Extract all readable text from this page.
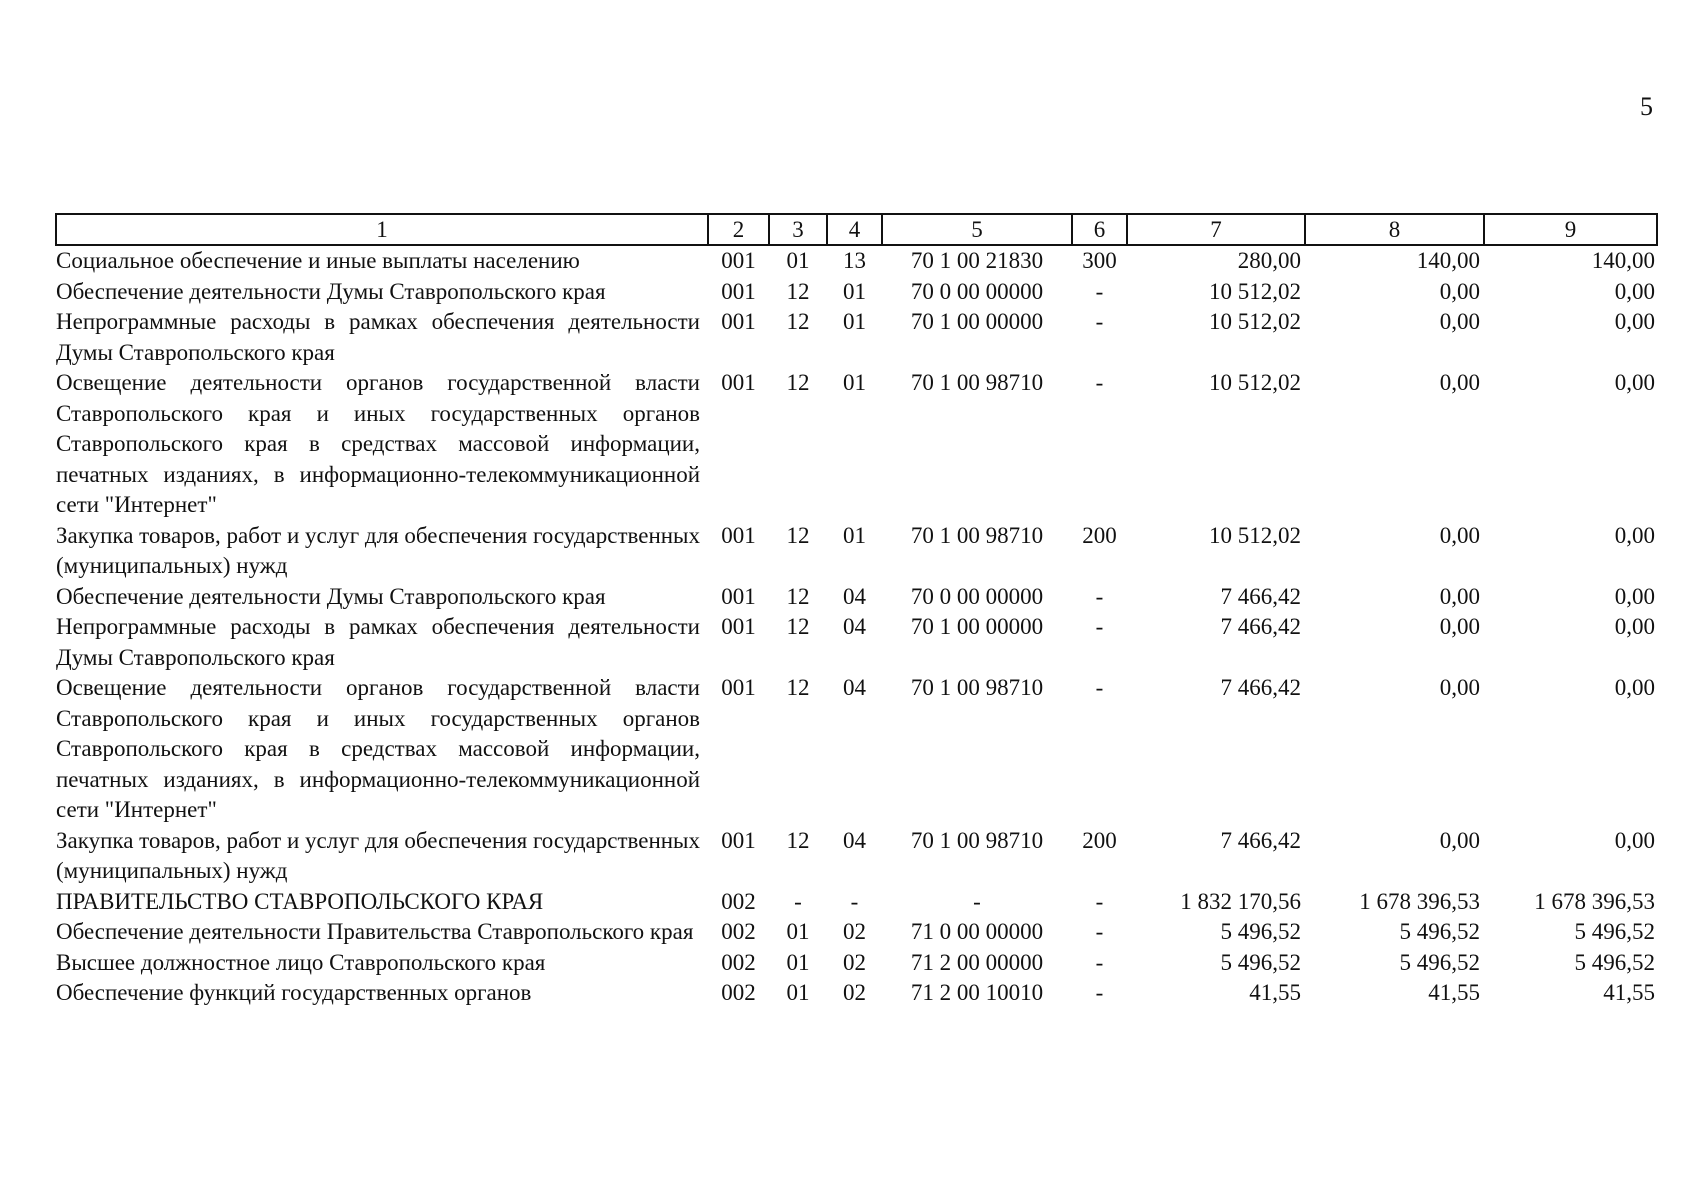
5
1	2	3	4	5	6	7	8	9
Социальное обеспечение и иные выплаты населению	001	01	13	70 1 00 21830	300	280,00	140,00	140,00
Обеспечение деятельности Думы Ставропольского края	001	12	01	70 0 00 00000	-	10 512,02	0,00	0,00
Непрограммные расходы в рамках обеспечения деятельности Думы Ставропольского края	001	12	01	70 1 00 00000	-	10 512,02	0,00	0,00
Освещение деятельности органов государственной власти Ставропольского края и иных государственных органов Ставропольского края в средствах массовой информации, печатных изданиях, в информационно-телекоммуникационной сети "Интернет"	001	12	01	70 1 00 98710	-	10 512,02	0,00	0,00
Закупка товаров, работ и услуг для обеспечения государственных (муниципальных) нужд	001	12	01	70 1 00 98710	200	10 512,02	0,00	0,00
Обеспечение деятельности Думы Ставропольского края	001	12	04	70 0 00 00000	-	7 466,42	0,00	0,00
Непрограммные расходы в рамках обеспечения деятельности Думы Ставропольского края	001	12	04	70 1 00 00000	-	7 466,42	0,00	0,00
Освещение деятельности органов государственной власти Ставропольского края и иных государственных органов Ставропольского края в средствах массовой информации, печатных изданиях, в информационно-телекоммуникационной сети "Интернет"	001	12	04	70 1 00 98710	-	7 466,42	0,00	0,00
Закупка товаров, работ и услуг для обеспечения государственных (муниципальных) нужд	001	12	04	70 1 00 98710	200	7 466,42	0,00	0,00
ПРАВИТЕЛЬСТВО СТАВРОПОЛЬСКОГО КРАЯ	002	-	-	-	-	1 832 170,56	1 678 396,53	1 678 396,53
Обеспечение деятельности Правительства Ставропольского края	002	01	02	71 0 00 00000	-	5 496,52	5 496,52	5 496,52
Высшее должностное лицо Ставропольского края	002	01	02	71 2 00 00000	-	5 496,52	5 496,52	5 496,52
Обеспечение функций государственных органов	002	01	02	71 2 00 10010	-	41,55	41,55	41,55
